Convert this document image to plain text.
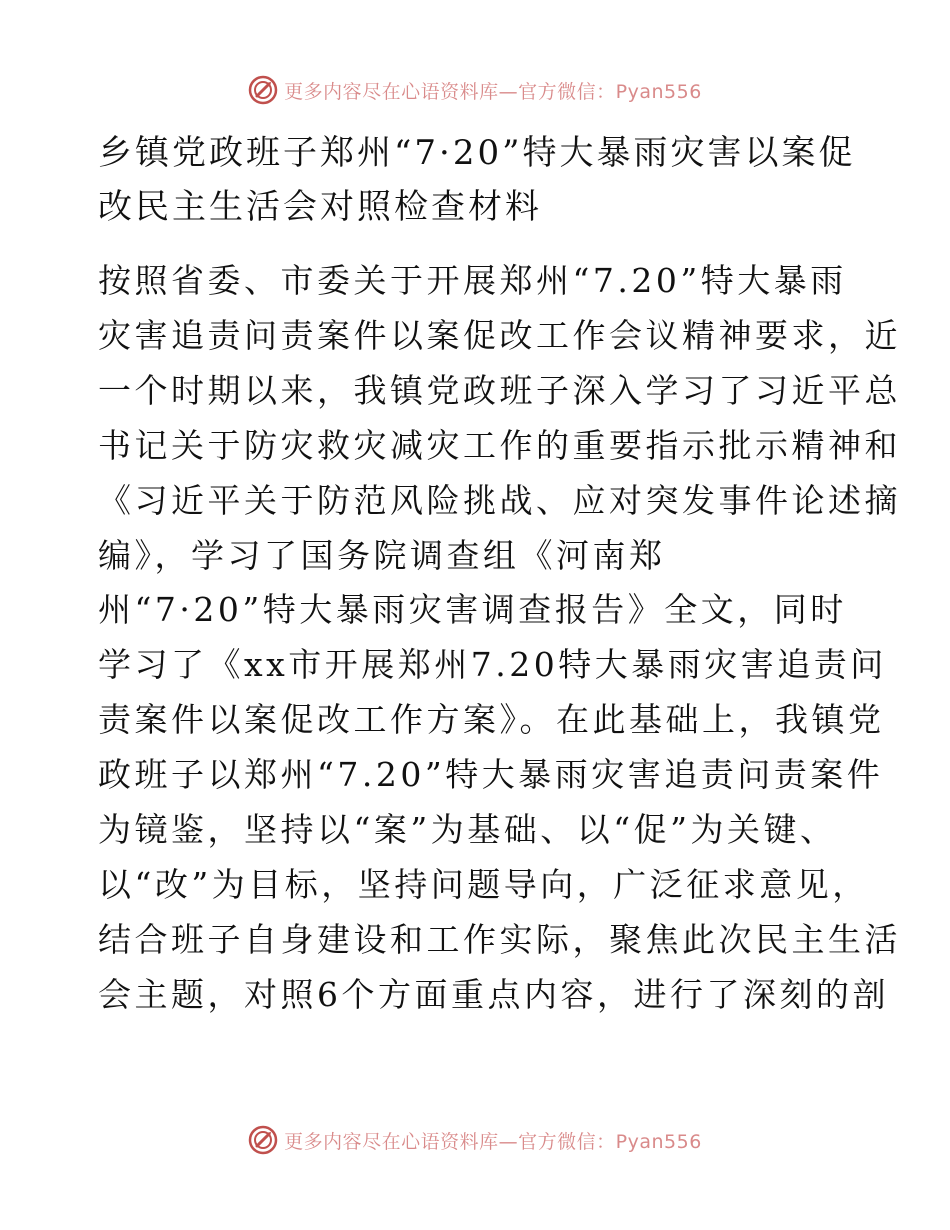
更多内容尽在心语资料库—官方微信：Pyan556
乡镇党政班子郑州“7·20”特大暴雨灾害以案促
改民主生活会对照检查材料
按照省委、市委关于开展郑州“7.20”特大暴雨
灾害追责问责案件以案促改工作会议精神要求，近
一个时期以来，我镇党政班子深入学习了习近平总
书记关于防灾救灾减灾工作的重要指示批示精神和
《习近平关于防范风险挑战、应对突发事件论述摘
编》，学习了国务院调查组《河南郑
州“7·20”特大暴雨灾害调查报告》全文，同时
学习了《xx市开展郑州7.20特大暴雨灾害追责问
责案件以案促改工作方案》。在此基础上，我镇党
政班子以郑州“7.20”特大暴雨灾害追责问责案件
为镜鉴，坚持以“案”为基础、以“促”为关键、
以“改”为目标，坚持问题导向，广泛征求意见，
结合班子自身建设和工作实际，聚焦此次民主生活
会主题，对照6个方面重点内容，进行了深刻的剖
更多内容尽在心语资料库—官方微信：Pyan556
